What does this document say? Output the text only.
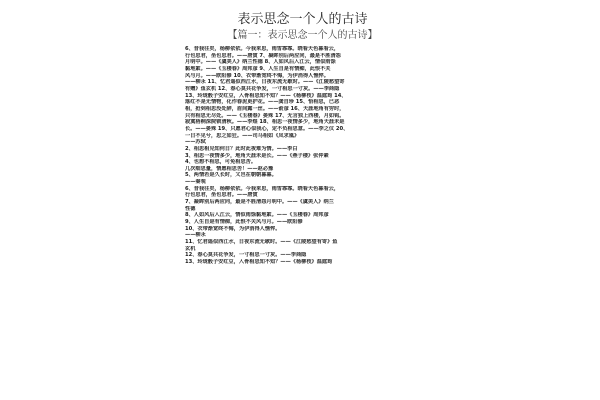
表示思念一个人的古诗
【篇一：表示思念一个人的古诗】
6、昔我往矣，杨柳依依。今我来思，雨雪霏霏。晓看天色暮看云，
行也思君，坐也思君。——唐寅 7、凝眸别后两应同，最是不胜清怨
月明中。——《虞美人》纳兰性德 8、人如风后入江云，情似雨馀
黏地絮。——《玉楼春》周邦彦 9、人生自是有情痴，此恨不关
风与月。——欧阳修 10、衣带渐宽终不悔，为伊消得人憔悴。
——柳永 11、忆君遥似西江水，日夜东流无歇时。——《江陵愁望寄
有赠》鱼玄机 12、春心莫共花争发，一寸相思一寸灰。——李商隐
13、玲珑骰子安红豆，入骨相思知不知？——《杨柳枝》温庭筠 14、
落红不是无情物，化作春泥更护花。——龚自珍 15、恰相思，已恶
相，抢到相思没处辞，眉间露一丝。——俞彦 16、天涯地角有穷时，
只有相思无尽处。——《玉楼春》晏殊 17、无言独上西楼，月如钩。
寂寞梧桐深院锁清秋。——李煜 18、相思一夜情多少，地角天涯未是
长。——晏殊 19、只愿君心似我心，定不负相思意。——李之仪 20、
一日不见兮，思之如狂。——司马相如《凤求凰》
——苏轼
2、相思相见知何日？此时此夜难为情。——李白
3、相思一夜情多少，地角天涯未是长。——《燕子楼》张仲素
4、也想不相思，可免相思苦。
几次细思量，情愿相思苦！——赵必豫
5、两情若是久长时，又岂在朝朝暮暮。
——秦观
6、昔我往矣，杨柳依依。今我来思，雨雪霏霏。晓看天色暮看云，
行也思君，坐也思君。——唐寅
7、凝眸别后两应同，最是不胜清怨月明中。——《虞美人》纳兰
性德
8、人如风后入江云，情似雨馀黏地絮。——《玉楼春》周邦彦
9、人生自是有情痴，此恨不关风与月。——欧阳修
10、衣带渐宽终不悔，为伊消得人憔悴。
——柳永
11、忆君遥似西江水，日夜东流无歇时。——《江陵愁望有寄》鱼
玄机
12、春心莫共花争发，一寸相思一寸灰。——李商隐
13、玲珑骰子安红豆，入骨相思知不知？——《杨柳枝》温庭筠
